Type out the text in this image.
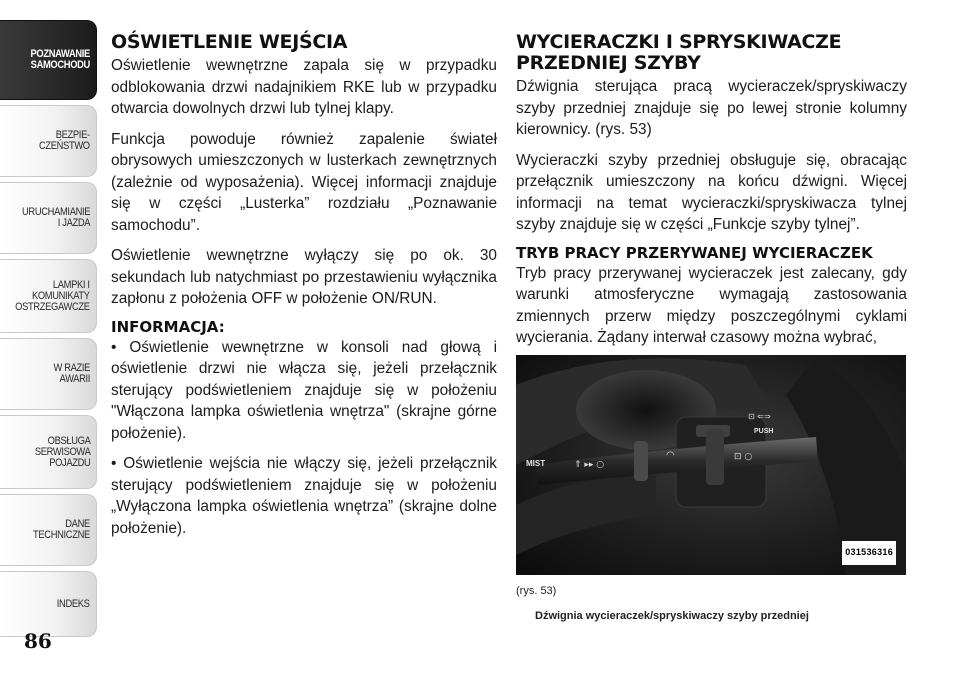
POZNAWANIE
SAMOCHODU
BEZPIE-
CZEŃSTWO
URUCHAMIANIE
I JAZDA
LAMPKI I
KOMUNIKATY
OSTRZEGAWCZE
W RAZIE
AWARII
OBSŁUGA
SERWISOWA
POJAZDU
DANE
TECHNICZNE
INDEKS
86
OŚWIETLENIE WEJŚCIA

Oświetlenie wewnętrzne zapala się w przypadku odblokowania drzwi nadajnikiem RKE lub w przypadku otwarcia dowolnych drzwi lub tylnej klapy.

Funkcja powoduje również zapalenie świateł obrysowych umieszczonych w lusterkach zewnętrznych (zależnie od wyposażenia). Więcej informacji znajduje się w części „Lusterka” rozdziału „Poznawanie samochodu”.

Oświetlenie wewnętrzne wyłączy się po ok. 30 sekundach lub natychmiast po przestawieniu wyłącznika zapłonu z położenia OFF w położenie ON/RUN.

INFORMACJA:

• Oświetlenie wewnętrzne w konsoli nad głową i oświetlenie drzwi nie włącza się, jeżeli przełącznik sterujący podświetleniem znajduje się w położeniu "Włączona lampka oświetlenia wnętrza" (skrajne górne położenie).

• Oświetlenie wejścia nie włączy się, jeżeli przełącznik sterujący podświetleniem znajduje się w położeniu „Wyłączona lampka oświetlenia wnętrza” (skrajne dolne położenie).

WYCIERACZKI I SPRYSKIWACZE PRZEDNIEJ SZYBY

Dźwignia sterująca pracą wycieraczek/spryskiwaczy szyby przedniej znajduje się po lewej stronie kolumny kierownicy. (rys. 53)

Wycieraczki szyby przedniej obsługuje się, obracając przełącznik umieszczony na końcu dźwigni. Więcej informacji na temat wycieraczki/spryskiwacza tylnej szyby znajduje się w części „Funkcje szyby tylnej”.

TRYB PRACY PRZERYWANEJ WYCIERACZEK

Tryb pracy przerywanej wycieraczek jest zalecany, gdy warunki atmosferyczne wymagają zastosowania zmiennych przerw między poszczególnymi cyklami wycierania. Żądany interwał czasowy można wybrać,

MIST
PUSH
⇑ ▸▸ ○
◠	⊡ ○
⊡ ⇐⇒
031536316
(rys. 53)
Dźwignia wycieraczek/spryskiwaczy szyby przedniej
